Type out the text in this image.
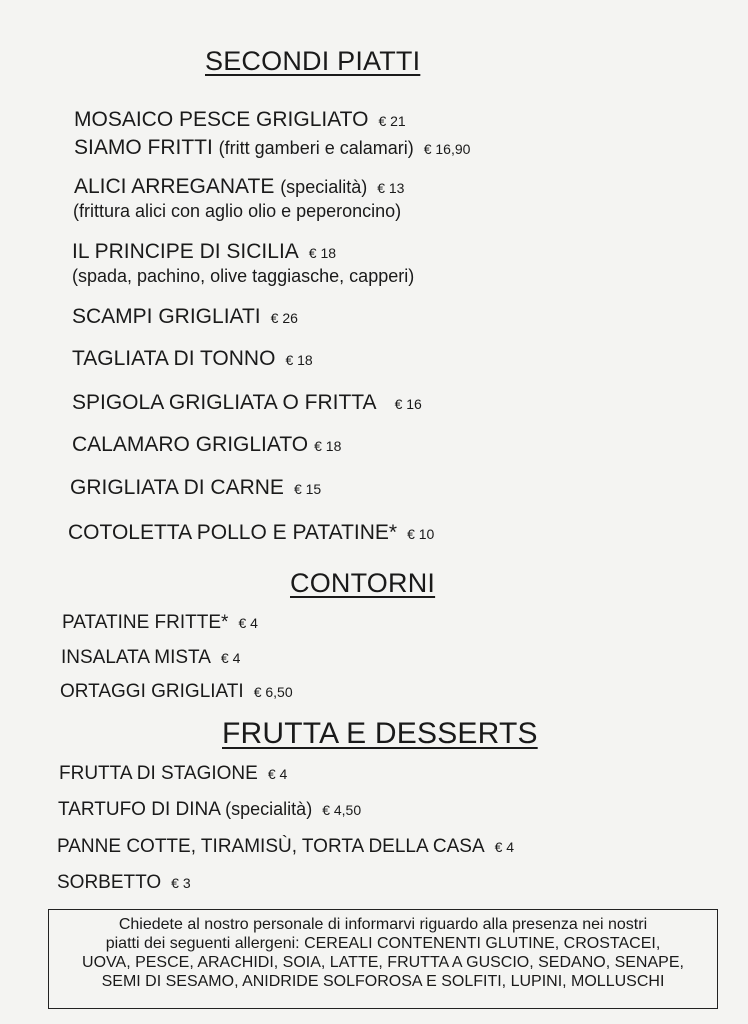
SECONDI PIATTI
MOSAICO PESCE GRIGLIATO € 21
SIAMO FRITTI (fritt gamberi e calamari) € 16,90
ALICI ARREGANATE (specialità) € 13
(frittura alici con aglio olio e peperoncino)
IL PRINCIPE DI SICILIA € 18
(spada, pachino, olive taggiasche, capperi)
SCAMPI GRIGLIATI € 26
TAGLIATA DI TONNO € 18
SPIGOLA GRIGLIATA O FRITTA € 16
CALAMARO GRIGLIATO € 18
GRIGLIATA DI CARNE € 15
COTOLETTA POLLO E PATATINE* € 10
CONTORNI
PATATINE FRITTE* € 4
INSALATA MISTA € 4
ORTAGGI GRIGLIATI € 6,50
FRUTTA E DESSERTS
FRUTTA DI STAGIONE € 4
TARTUFO DI DINA (specialità) € 4,50
PANNE COTTE, TIRAMISÙ, TORTA DELLA CASA € 4
SORBETTO € 3
Chiedete al nostro personale di informarvi riguardo alla presenza nei nostri
piatti dei seguenti allergeni: CEREALI CONTENENTI GLUTINE, CROSTACEI,
UOVA, PESCE, ARACHIDI, SOIA, LATTE, FRUTTA A GUSCIO, SEDANO, SENAPE,
SEMI DI SESAMO, ANIDRIDE SOLFOROSA E SOLFITI, LUPINI, MOLLUSCHI
